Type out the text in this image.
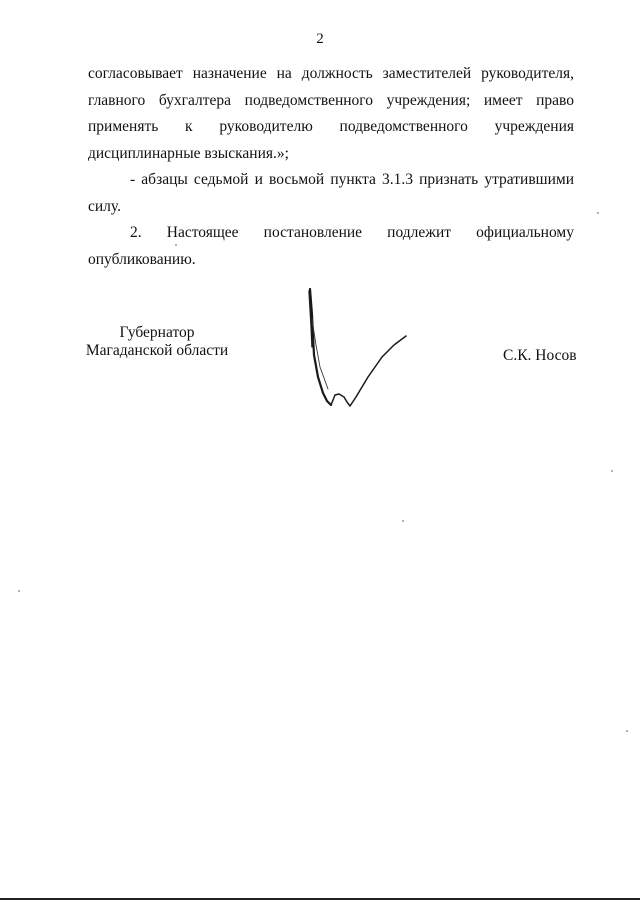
2

согласовывает назначение на должность заместителей руководителя, главного бухгалтера подведомственного учреждения; имеет право применять к руководителю подведомственного учреждения дисциплинарные взыскания.»;

- абзацы седьмой и восьмой пункта 3.1.3 признать утратившими силу.

2. Настоящее постановление подлежит официальному опубликованию.

Губернатор
Магаданской области	С.К. Носов
